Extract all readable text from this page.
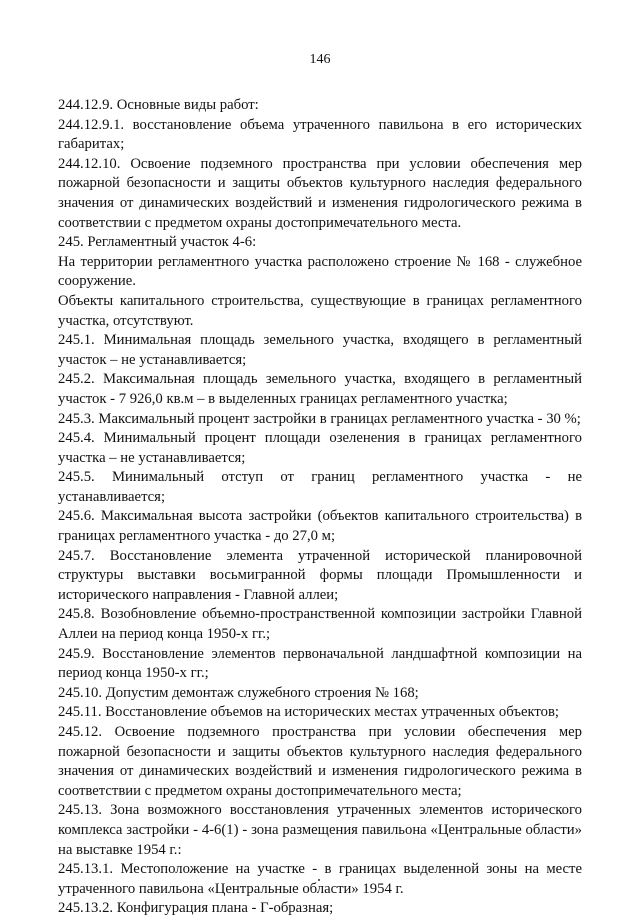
146

244.12.9. Основные виды работ:

244.12.9.1. восстановление объема утраченного павильона в его исторических габаритах;

244.12.10. Освоение подземного пространства при условии обеспечения мер пожарной безопасности и защиты объектов культурного наследия федерального значения от динамических воздействий и изменения гидрологического режима в соответствии с предметом охраны достопримечательного места.

245. Регламентный участок 4-6:

На территории регламентного участка расположено строение № 168 - служебное сооружение.

Объекты капитального строительства, существующие в границах регламентного участка, отсутствуют.

245.1. Минимальная площадь земельного участка, входящего в регламентный участок – не устанавливается;

245.2. Максимальная площадь земельного участка, входящего в регламентный участок - 7 926,0 кв.м – в выделенных границах регламентного участка;

245.3. Максимальный процент застройки в границах регламентного участка - 30 %;

245.4. Минимальный процент площади озеленения в границах регламентного участка – не устанавливается;

245.5. Минимальный отступ от границ регламентного участка - не устанавливается;

245.6. Максимальная высота застройки (объектов капитального строительства) в границах регламентного участка - до 27,0 м;

245.7. Восстановление элемента утраченной исторической планировочной структуры выставки восьмигранной формы площади Промышленности и исторического направления - Главной аллеи;

245.8. Возобновление объемно-пространственной композиции застройки Главной Аллеи на период конца 1950-х гг.;

245.9. Восстановление элементов первоначальной ландшафтной композиции на период конца 1950-х гг.;

245.10. Допустим демонтаж служебного строения № 168;

245.11. Восстановление объемов на исторических местах утраченных объектов;

245.12. Освоение подземного пространства при условии обеспечения мер пожарной безопасности и защиты объектов культурного наследия федерального значения от динамических воздействий и изменения гидрологического режима в соответствии с предметом охраны достопримечательного места;

245.13. Зона возможного восстановления утраченных элементов исторического комплекса застройки - 4-6(1) - зона размещения павильона «Центральные области» на выставке 1954 г.:

245.13.1. Местоположение на участке - в границах выделенной зоны на месте утраченного павильона «Центральные области» 1954 г.

245.13.2. Конфигурация плана - Г-образная;
